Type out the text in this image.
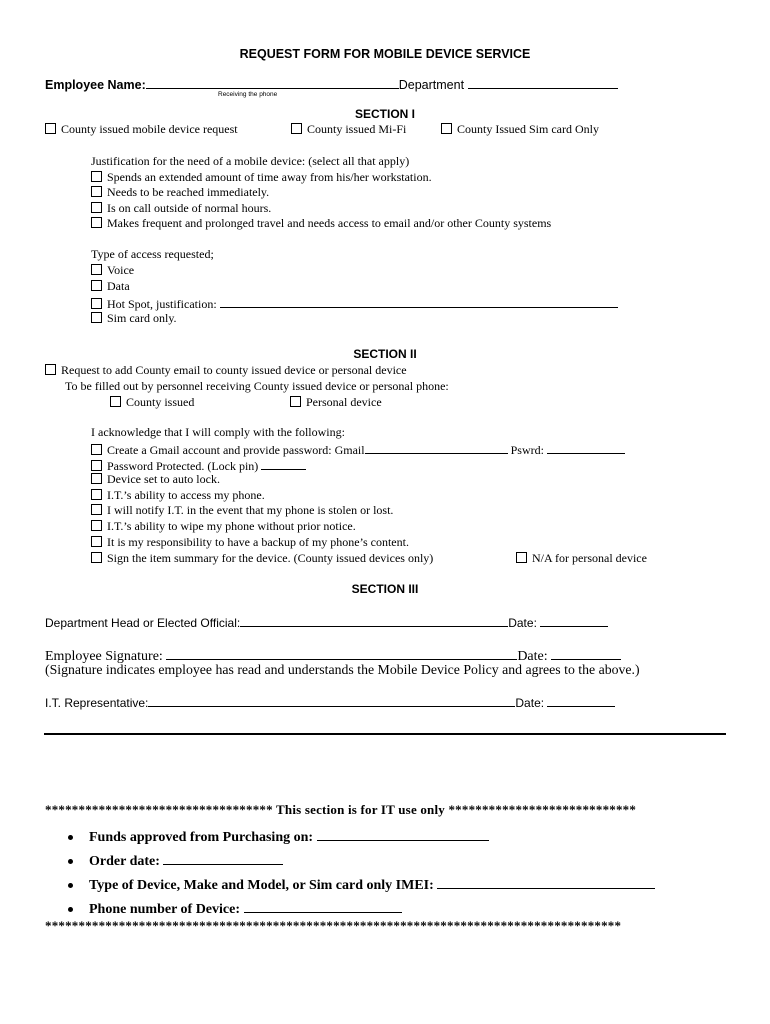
REQUEST FORM FOR MOBILE DEVICE SERVICE
Employee Name:	Department
Receiving the phone
SECTION I
County issued mobile device request	County issued Mi-Fi	County Issued Sim card Only
Justification for the need of a mobile device: (select all that apply)
Spends an extended amount of time away from his/her workstation.
Needs to be reached immediately.
Is on call outside of normal hours.
Makes frequent and prolonged travel and needs access to email and/or other County systems
Type of access requested;
Voice
Data
Hot Spot, justification:
Sim card only.
SECTION II
Request to add County email to county issued device or personal device
To be filled out by personnel receiving County issued device or personal phone:
County issued	Personal device
I acknowledge that I will comply with the following:
Create a Gmail account and provide password: Gmail	Pswrd:
Password Protected. (Lock pin)
Device set to auto lock.
I.T.’s ability to access my phone.
I will notify I.T. in the event that my phone is stolen or lost.
I.T.’s ability to wipe my phone without prior notice.
It is my responsibility to have a backup of my phone’s content.
Sign the item summary for the device. (County issued devices only)	N/A for personal device
SECTION III
Department Head or Elected Official:	Date:
Employee Signature:	Date:
(Signature indicates employee has read and understands the Mobile Device Policy and agrees to the above.)
I.T. Representative:	Date:
********************************** This section is for IT use only ****************************
Funds approved from Purchasing on:
Order date:
Type of Device, Make and Model, or Sim card only IMEI:
Phone number of Device:
**************************************************************************************
